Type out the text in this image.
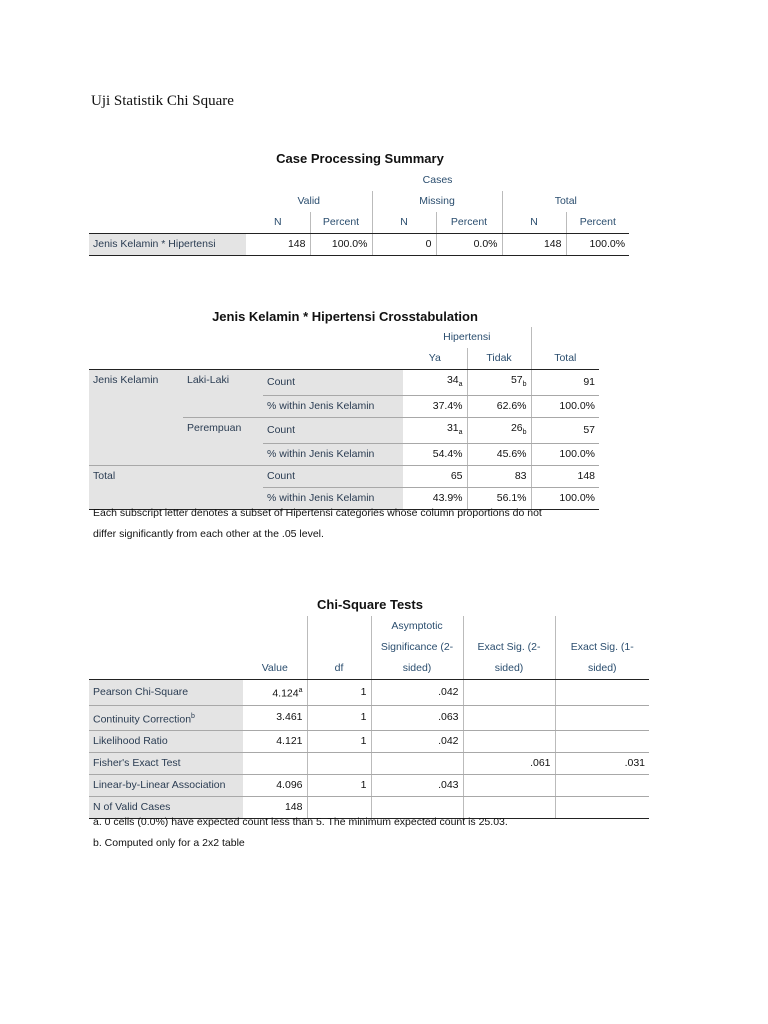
Uji Statistik Chi Square
Case Processing Summary
	Cases					
	Valid		Missing		Total	
	N	Percent	N	Percent	N	Percent
Jenis Kelamin * Hipertensi	148	100.0%	0	0.0%	148	100.0%
Jenis Kelamin * Hipertensi Crosstabulation
			Hipertensi		
			Ya	Tidak	Total
Jenis Kelamin	Laki-Laki	Count	$34_a$	$57_b$	91
		% within Jenis Kelamin	37.4%	62.6%	100.0%
	Perempuan	Count	$31_a$	$26_b$	57
		% within Jenis Kelamin	54.4%	45.6%	100.0%
Total		Count	65	83	148
		% within Jenis Kelamin	43.9%	56.1%	100.0%
Each subscript letter denotes a subset of Hipertensi categories whose column proportions do not
differ significantly from each other at the .05 level.
Chi-Square Tests
			Asymptotic		
			Significance (2-	Exact Sig. (2-	Exact Sig. (1-
	Value	df	sided)	sided)	sided)
Pearson Chi-Square	4.124$^a$	1	.042		
Continuity Correction$^b$	3.461	1	.063		
Likelihood Ratio	4.121	1	.042		
Fisher's Exact Test				.061	.031
Linear-by-Linear Association	4.096	1	.043		
N of Valid Cases	148				
a. 0 cells (0.0%) have expected count less than 5. The minimum expected count is 25.03.
b. Computed only for a 2x2 table
